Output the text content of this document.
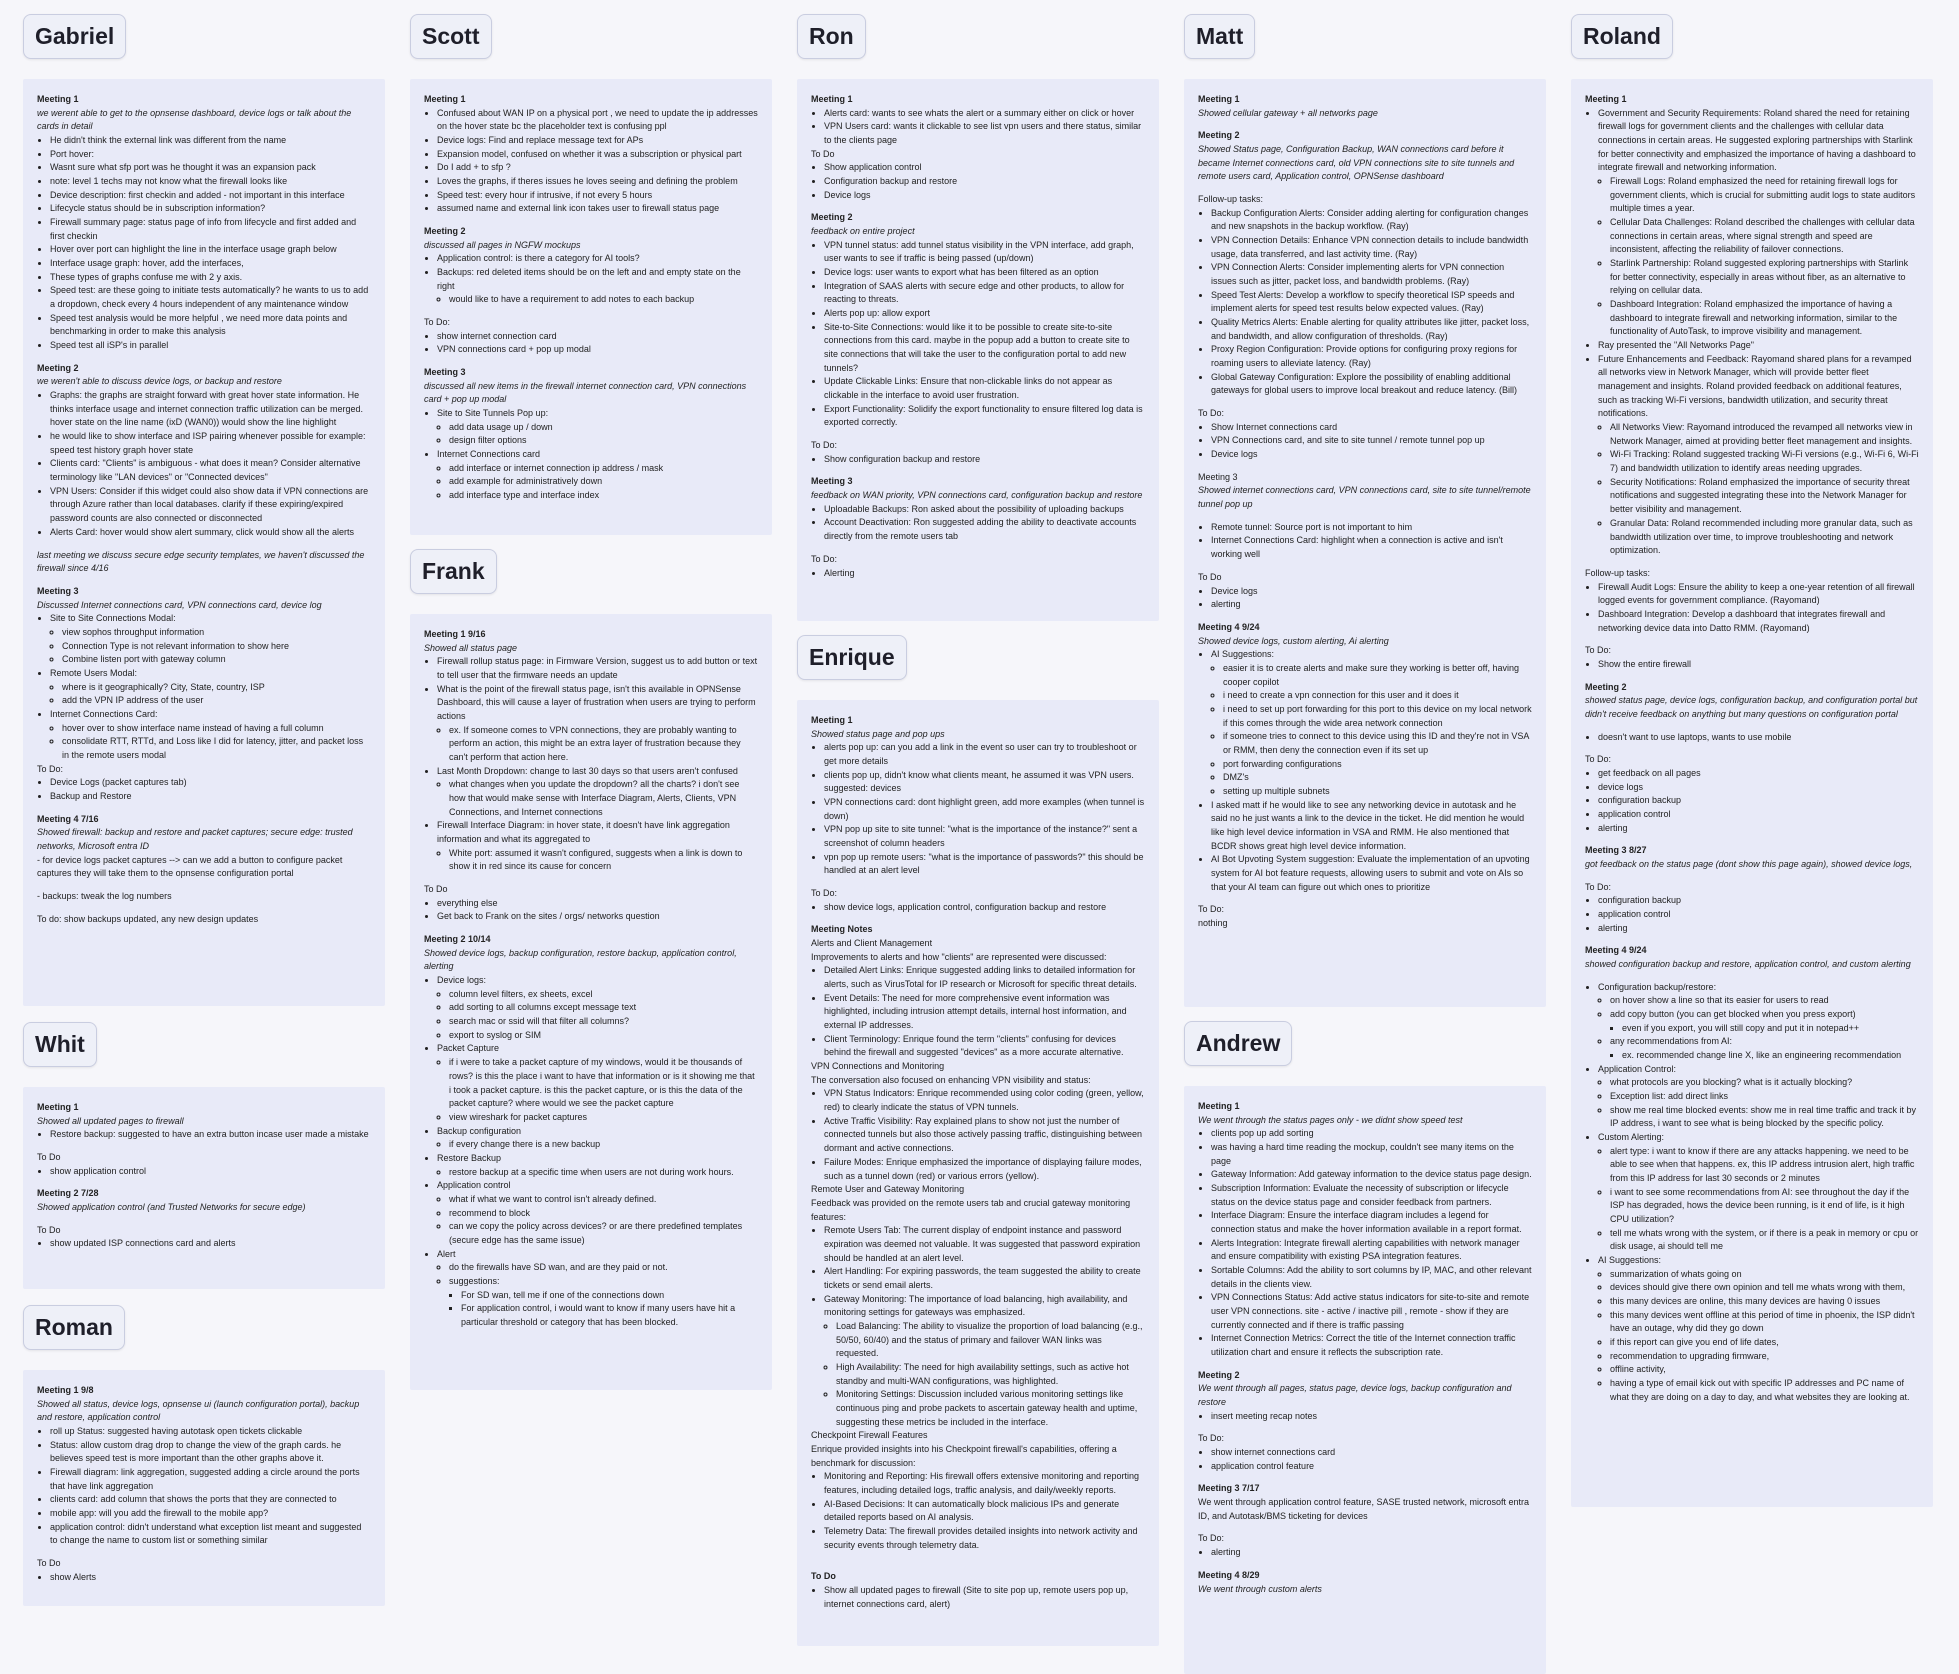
Gabriel
Meeting 1
we werent able to get to the opnsense dashboard, device logs or talk about the cards in detail
• He didn't think the external link was different from the name
• Port hover:
• Wasnt sure what sfp port was he thought it was an expansion pack
• note: level 1 techs may not know what the firewall looks like
• Device description: first checkin and added - not important in this interface
• Lifecycle status should be in subscription information?
• Firewall summary page: status page of info from lifecycle and first added and first checkin
• Hover over port can highlight the line in the interface usage graph below
• Interface usage graph: hover, add the interfaces,
• These types of graphs confuse me with 2 y axis.
• Speed test: are these going to initiate tests automatically? he wants to us to add a dropdown, check every 4 hours independent of any maintenance window
• Speed test analysis would be more helpful , we need more data points and benchmarking in order to make this analysis
• Speed test all iSP's in parallel
Meeting 2
we weren't able to discuss device logs, or backup and restore
• Graphs: the graphs are straight forward with great hover state information. He thinks interface usage and internet connection traffic utilization can be merged. hover state on the line name (ixD (WAN0)) would show the line highlight
• he would like to show interface and ISP pairing whenever possible for example: speed test history graph hover state
• Clients card: "Clients" is ambiguous - what does it mean? Consider alternative terminology like "LAN devices" or "Connected devices"
• VPN Users: Consider if this widget could also show data if VPN connections are through Azure rather than local databases. clarify if these expiring/expired password counts are also connected or disconnected
• Alerts Card: hover would show alert summary, click would show all the alerts
last meeting we discuss secure edge security templates, we haven't discussed the firewall since 4/16
Meeting 3
Discussed Internet connections card, VPN connections card, device log
• Site to Site Connections Modal:
◦ view sophos throughput information
◦ Connection Type is not relevant information to show here
◦ Combine listen port with gateway column
• Remote Users Modal:
◦ where is it geographically? City, State, country, ISP
◦ add the VPN IP address of the user
• Internet Connections Card:
◦ hover over to show interface name instead of having a full column
◦ consolidate RTT, RTTd, and Loss like I did for latency, jitter, and packet loss in the remote users modal
To Do:
• Device Logs (packet captures tab)
• Backup and Restore
Meeting 4 7/16
Showed firewall: backup and restore and packet captures; secure edge: trusted networks, Microsoft entra ID
- for device logs packet captures --> can we add a button to configure packet captures they will take them to the opnsense configuration portal
- backups: tweak the log numbers
To do: show backups updated, any new design updates
Whit
Meeting 1
Showed all updated pages to firewall
• Restore backup: suggested to have an extra button incase user made a mistake
To Do
• show application control
Meeting 2 7/28
Showed application control (and Trusted Networks for secure edge)
To Do
• show updated ISP connections card and alerts
Roman
Meeting 1 9/8
Showed all status, device logs, opnsense ui (launch configuration portal), backup and restore, application control
• roll up Status: suggested having autotask open tickets clickable
• Status: allow custom drag drop to change the view of the graph cards. he believes speed test is more important than the other graphs above it.
• Firewall diagram: link aggregation, suggested adding a circle around the ports that have link aggregation
• clients card: add column that shows the ports that they are connected to
• mobile app: will you add the firewall to the mobile app?
• application control: didn't understand what exception list meant and suggested to change the name to custom list or something similar
To Do
• show Alerts
Scott
Meeting 1
• Confused about WAN IP on a physical port , we need to update the ip addresses on the hover state bc the placeholder text is confusing ppl
• Device logs: Find and replace message text for APs
• Expansion model, confused on whether it was a subscription or physical part
• Do I add + to sfp ?
• Loves the graphs, if theres issues he loves seeing and defining the problem
• Speed test: every hour if intrusive, if not every 5 hours
• assumed name and external link icon takes user to firewall status page
Meeting 2
discussed all pages in NGFW mockups
• Application control: is there a category for AI tools?
• Backups: red deleted items should be on the left and and empty state on the right
◦ would like to have a requirement to add notes to each backup
To Do:
• show internet connection card
• VPN connections card + pop up modal
Meeting 3
discussed all new items in the firewall internet connection card, VPN connections card + pop up modal
• Site to Site Tunnels Pop up:
◦ add data usage up / down
◦ design filter options
• Internet Connections card
◦ add interface or internet connection ip address / mask
◦ add example for administratively down
◦ add interface type and interface index
Frank
Meeting 1 9/16
Showed all status page
• Firewall rollup status page: in Firmware Version, suggest us to add button or text to tell user that the firmware needs an update
• What is the point of the firewall status page, isn't this available in OPNSense Dashboard, this will cause a layer of frustration when users are trying to perform actions
◦ ex. If someone comes to VPN connections, they are probably wanting to perform an action, this might be an extra layer of frustration because they can't perform that action here.
• Last Month Dropdown: change to last 30 days so that users aren't confused
◦ what changes when you update the dropdown? all the charts? i don't see how that would make sense with Interface Diagram, Alerts, Clients, VPN Connections, and Internet connections
• Firewall Interface Diagram: in hover state, it doesn't have link aggregation information and what its aggregated to
◦ White port: assumed it wasn't configured, suggests when a link is down to show it in red since its cause for concern
To Do
• everything else
• Get back to Frank on the sites / orgs/ networks question
Meeting 2 10/14
Showed device logs, backup configuration, restore backup, application control, alerting
• Device logs:
◦ column level filters, ex sheets, excel
◦ add sorting to all columns except message text
◦ search mac or ssid will that filter all columns?
◦ export to syslog or SIM
• Packet Capture
◦ if i were to take a packet capture of my windows, would it be thousands of rows? is this the place i want to have that information or is it showing me that i took a packet capture. is this the packet capture, or is this the data of the packet capture? where would we see the packet capture
◦ view wireshark for packet captures
• Backup configuration
◦ if every change there is a new backup
• Restore Backup
◦ restore backup at a specific time when users are not during work hours.
• Application control
◦ what if what we want to control isn't already defined.
◦ recommend to block
◦ can we copy the policy across devices? or are there predefined templates (secure edge has the same issue)
• Alert
◦ do the firewalls have SD wan, and are they paid or not.
◦ suggestions:
▪ For SD wan, tell me if one of the connections down
▪ For application control, i would want to know if many users have hit a particular threshold or category that has been blocked.
Ron
Meeting 1
• Alerts card: wants to see whats the alert or a summary either on click or hover
• VPN Users card: wants it clickable to see list vpn users and there status, similar to the clients page
To Do
• Show application control
• Configuration backup and restore
• Device logs
Meeting 2
feedback on entire project
• VPN tunnel status: add tunnel status visibility in the VPN interface, add graph, user wants to see if traffic is being passed (up/down)
• Device logs: user wants to export what has been filtered as an option
• Integration of SAAS alerts with secure edge and other products, to allow for reacting to threats.
• Alerts pop up: allow export
• Site-to-Site Connections: would like it to be possible to create site-to-site connections from this card. maybe in the popup add a button to create site to site connections that will take the user to the configuration portal to add new tunnels?
• Update Clickable Links: Ensure that non-clickable links do not appear as clickable in the interface to avoid user frustration.
• Export Functionality: Solidify the export functionality to ensure filtered log data is exported correctly.
To Do:
• Show configuration backup and restore
Meeting 3
feedback on WAN priority, VPN connections card, configuration backup and restore
• Uploadable Backups: Ron asked about the possibility of uploading backups
• Account Deactivation: Ron suggested adding the ability to deactivate accounts directly from the remote users tab
To Do:
• Alerting
Enrique
Meeting 1
Showed status page and pop ups
• alerts pop up: can you add a link in the event so user can try to troubleshoot or get more details
• clients pop up, didn't know what clients meant, he assumed it was VPN users. suggested: devices
• VPN connections card: dont highlight green, add more examples (when tunnel is down)
• VPN pop up site to site tunnel: "what is the importance of the instance?" sent a screenshot of column headers
• vpn pop up remote users: "what is the importance of passwords?" this should be handled at an alert level
To Do:
• show device logs, application control, configuration backup and restore
Meeting Notes
Alerts and Client Management
Improvements to alerts and how "clients" are represented were discussed:
• Detailed Alert Links: Enrique suggested adding links to detailed information for alerts, such as VirusTotal for IP research or Microsoft for specific threat details.
• Event Details: The need for more comprehensive event information was highlighted, including intrusion attempt details, internal host information, and external IP addresses.
• Client Terminology: Enrique found the term "clients" confusing for devices behind the firewall and suggested "devices" as a more accurate alternative.
VPN Connections and Monitoring
The conversation also focused on enhancing VPN visibility and status:
• VPN Status Indicators: Enrique recommended using color coding (green, yellow, red) to clearly indicate the status of VPN tunnels.
• Active Traffic Visibility: Ray explained plans to show not just the number of connected tunnels but also those actively passing traffic, distinguishing between dormant and active connections.
• Failure Modes: Enrique emphasized the importance of displaying failure modes, such as a tunnel down (red) or various errors (yellow).
Remote User and Gateway Monitoring
Feedback was provided on the remote users tab and crucial gateway monitoring features:
• Remote Users Tab: The current display of endpoint instance and password expiration was deemed not valuable. It was suggested that password expiration should be handled at an alert level.
• Alert Handling: For expiring passwords, the team suggested the ability to create tickets or send email alerts.
• Gateway Monitoring: The importance of load balancing, high availability, and monitoring settings for gateways was emphasized.
◦ Load Balancing: The ability to visualize the proportion of load balancing (e.g., 50/50, 60/40) and the status of primary and failover WAN links was requested.
◦ High Availability: The need for high availability settings, such as active hot standby and multi-WAN configurations, was highlighted.
◦ Monitoring Settings: Discussion included various monitoring settings like continuous ping and probe packets to ascertain gateway health and uptime, suggesting these metrics be included in the interface.
Checkpoint Firewall Features
Enrique provided insights into his Checkpoint firewall's capabilities, offering a benchmark for discussion:
• Monitoring and Reporting: His firewall offers extensive monitoring and reporting features, including detailed logs, traffic analysis, and daily/weekly reports.
• AI-Based Decisions: It can automatically block malicious IPs and generate detailed reports based on AI analysis.
• Telemetry Data: The firewall provides detailed insights into network activity and security events through telemetry data.
To Do
• Show all updated pages to firewall (Site to site pop up, remote users pop up, internet connections card, alert)
Matt
Meeting 1
Showed cellular gateway + all networks page
Meeting 2
Showed Status page, Configuration Backup, WAN connections card before it became Internet connections card, old VPN connections site to site tunnels and remote users card, Application control, OPNSense dashboard
Follow-up tasks:
• Backup Configuration Alerts: Consider adding alerting for configuration changes and new snapshots in the backup workflow. (Ray)
• VPN Connection Details: Enhance VPN connection details to include bandwidth usage, data transferred, and last activity time. (Ray)
• VPN Connection Alerts: Consider implementing alerts for VPN connection issues such as jitter, packet loss, and bandwidth problems. (Ray)
• Speed Test Alerts: Develop a workflow to specify theoretical ISP speeds and implement alerts for speed test results below expected values. (Ray)
• Quality Metrics Alerts: Enable alerting for quality attributes like jitter, packet loss, and bandwidth, and allow configuration of thresholds. (Ray)
• Proxy Region Configuration: Provide options for configuring proxy regions for roaming users to alleviate latency. (Ray)
• Global Gateway Configuration: Explore the possibility of enabling additional gateways for global users to improve local breakout and reduce latency. (Bill)
To Do:
• Show Internet connections card
• VPN Connections card, and site to site tunnel / remote tunnel pop up
• Device logs
Meeting 3
Showed internet connections card, VPN connections card, site to site tunnel/remote tunnel pop up
• Remote tunnel: Source port is not important to him
• Internet Connections Card: highlight when a connection is active and isn't working well
To Do
• Device logs
• alerting
Meeting 4 9/24
Showed device logs, custom alerting, Ai alerting
• AI Suggestions:
◦ easier it is to create alerts and make sure they working is better off, having cooper copilot
◦ i need to create a vpn connection for this user and it does it
◦ i need to set up port forwarding for this port to this device on my local network if this comes through the wide area network connection
◦ if someone tries to connect to this device using this ID and they're not in VSA or RMM, then deny the connection even if its set up
◦ port forwarding configurations
◦ DMZ's
◦ setting up multiple subnets
• I asked matt if he would like to see any networking device in autotask and he said no he just wants a link to the device in the ticket. He did mention he would like high level device information in VSA and RMM. He also mentioned that BCDR shows great high level device information.
• AI Bot Upvoting System suggestion: Evaluate the implementation of an upvoting system for AI bot feature requests, allowing users to submit and vote on AIs so that your AI team can figure out which ones to prioritize
To Do:
nothing
Andrew
Meeting 1
We went through the status pages only - we didnt show speed test
• clients pop up add sorting
• was having a hard time reading the mockup, couldn't see many items on the page
• Gateway Information: Add gateway information to the device status page design.
• Subscription Information: Evaluate the necessity of subscription or lifecycle status on the device status page and consider feedback from partners.
• Interface Diagram: Ensure the interface diagram includes a legend for connection status and make the hover information available in a report format.
• Alerts Integration: Integrate firewall alerting capabilities with network manager and ensure compatibility with existing PSA integration features.
• Sortable Columns: Add the ability to sort columns by IP, MAC, and other relevant details in the clients view.
• VPN Connections Status: Add active status indicators for site-to-site and remote user VPN connections. site - active / inactive pill , remote - show if they are currently connected and if there is traffic passing
• Internet Connection Metrics: Correct the title of the Internet connection traffic utilization chart and ensure it reflects the subscription rate.
Meeting 2
We went through all pages, status page, device logs, backup configuration and restore
• insert meeting recap notes
To Do:
• show internet connections card
• application control feature
Meeting 3 7/17
We went through application control feature, SASE trusted network, microsoft entra ID, and Autotask/BMS ticketing for devices
To Do:
• alerting
Meeting 4 8/29
We went through custom alerts
Roland
Meeting 1
• Government and Security Requirements: Roland shared the need for retaining firewall logs for government clients and the challenges with cellular data connections in certain areas. He suggested exploring partnerships with Starlink for better connectivity and emphasized the importance of having a dashboard to integrate firewall and networking information.
◦ Firewall Logs: Roland emphasized the need for retaining firewall logs for government clients, which is crucial for submitting audit logs to state auditors multiple times a year.
◦ Cellular Data Challenges: Roland described the challenges with cellular data connections in certain areas, where signal strength and speed are inconsistent, affecting the reliability of failover connections.
◦ Starlink Partnership: Roland suggested exploring partnerships with Starlink for better connectivity, especially in areas without fiber, as an alternative to relying on cellular data.
◦ Dashboard Integration: Roland emphasized the importance of having a dashboard to integrate firewall and networking information, similar to the functionality of AutoTask, to improve visibility and management.
• Ray presented the "All Networks Page"
• Future Enhancements and Feedback: Rayomand shared plans for a revamped all networks view in Network Manager, which will provide better fleet management and insights. Roland provided feedback on additional features, such as tracking Wi-Fi versions, bandwidth utilization, and security threat notifications.
◦ All Networks View: Rayomand introduced the revamped all networks view in Network Manager, aimed at providing better fleet management and insights.
◦ Wi-Fi Tracking: Roland suggested tracking Wi-Fi versions (e.g., Wi-Fi 6, Wi-Fi 7) and bandwidth utilization to identify areas needing upgrades.
◦ Security Notifications: Roland emphasized the importance of security threat notifications and suggested integrating these into the Network Manager for better visibility and management.
◦ Granular Data: Roland recommended including more granular data, such as bandwidth utilization over time, to improve troubleshooting and network optimization.
Follow-up tasks:
• Firewall Audit Logs: Ensure the ability to keep a one-year retention of all firewall logged events for government compliance. (Rayomand)
• Dashboard Integration: Develop a dashboard that integrates firewall and networking device data into Datto RMM. (Rayomand)
To Do:
• Show the entire firewall
Meeting 2
showed status page, device logs, configuration backup, and configuration portal but didn't receive feedback on anything but many questions on configuration portal
• doesn't want to use laptops, wants to use mobile
To Do:
• get feedback on all pages
• device logs
• configuration backup
• application control
• alerting
Meeting 3 8/27
got feedback on the status page (dont show this page again), showed device logs,
To Do:
• configuration backup
• application control
• alerting
Meeting 4 9/24
showed configuration backup and restore, application control, and custom alerting
• Configuration backup/restore:
◦ on hover show a line so that its easier for users to read
◦ add copy button (you can get blocked when you press export)
▪ even if you export, you will still copy and put it in notepad++
◦ any recommendations from AI:
▪ ex. recommended change line X, like an engineering recommendation
• Application Control:
◦ what protocols are you blocking? what is it actually blocking?
◦ Exception list: add direct links
◦ show me real time blocked events: show me in real time traffic and track it by IP address, i want to see what is being blocked by the specific policy.
• Custom Alerting:
◦ alert type: i want to know if there are any attacks happening. we need to be able to see when that happens. ex, this IP address intrusion alert, high traffic from this IP address for last 30 seconds or 2 minutes
◦ i want to see some recommendations from AI: see throughout the day if the ISP has degraded, hows the device been running, is it end of life, is it high CPU utilization?
◦ tell me whats wrong with the system, or if there is a peak in memory or cpu or disk usage, ai should tell me
• AI Suggestions:
◦ summarization of whats going on
◦ devices should give there own opinion and tell me whats wrong with them,
◦ this many devices are online, this many devices are having 0 issues
◦ this many devices went offline at this period of time in phoenix, the ISP didn't have an outage, why did they go down
◦ if this report can give you end of life dates,
◦ recommendation to upgrading firmware,
◦ offline activity,
◦ having a type of email kick out with specific IP addresses and PC name of what they are doing on a day to day, and what websites they are looking at.
